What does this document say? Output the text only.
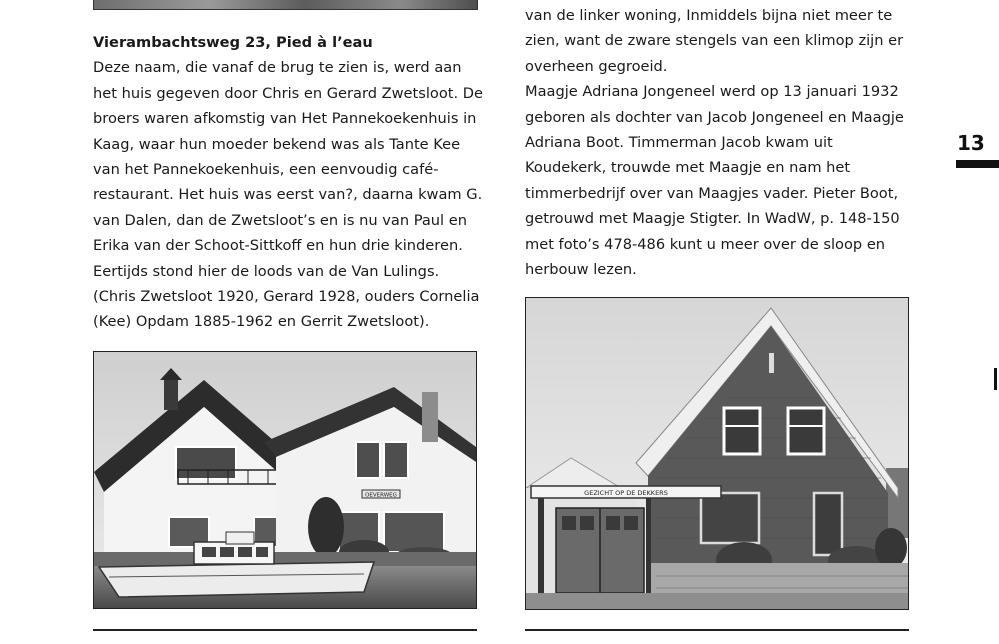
Vierambachtsweg 23, Pied à l’eau

Deze naam, die vanaf de brug te zien is, werd aan het huis gegeven door Chris en Gerard Zwetsloot. De broers waren afkomstig van Het Pannekoekenhuis in Kaag, waar hun moeder bekend was als Tante Kee van het Pannekoekenhuis, een eenvoudig café-restaurant. Het huis was eerst van?, daarna kwam G. van Dalen, dan de Zwetsloot’s en is nu van Paul en Erika van der Schoot-Sittkoff en hun drie kinderen. Eertijds stond hier de loods van de Van Lulings.

(Chris Zwetsloot 1920, Gerard 1928, ouders Cornelia (Kee) Opdam 1885-1962 en Gerrit Zwetsloot).

van de linker woning, Inmiddels bijna niet meer te zien, want de zware stengels van een klimop zijn er overheen gegroeid.

Maagje Adriana Jongeneel werd op 13 januari 1932 geboren als dochter van Jacob Jongeneel en Maagje Adriana Boot. Timmerman Jacob kwam uit Koudekerk, trouwde met Maagje en nam het timmerbedrijf over van Maagjes vader. Pieter Boot, getrouwd met Maagje Stigter. In WadW, p. 148-150 met foto’s 478-486 kunt u meer over de sloop en herbouw lezen.

OEVERWEG	GEZICHT OP DE DEKKERS
13
